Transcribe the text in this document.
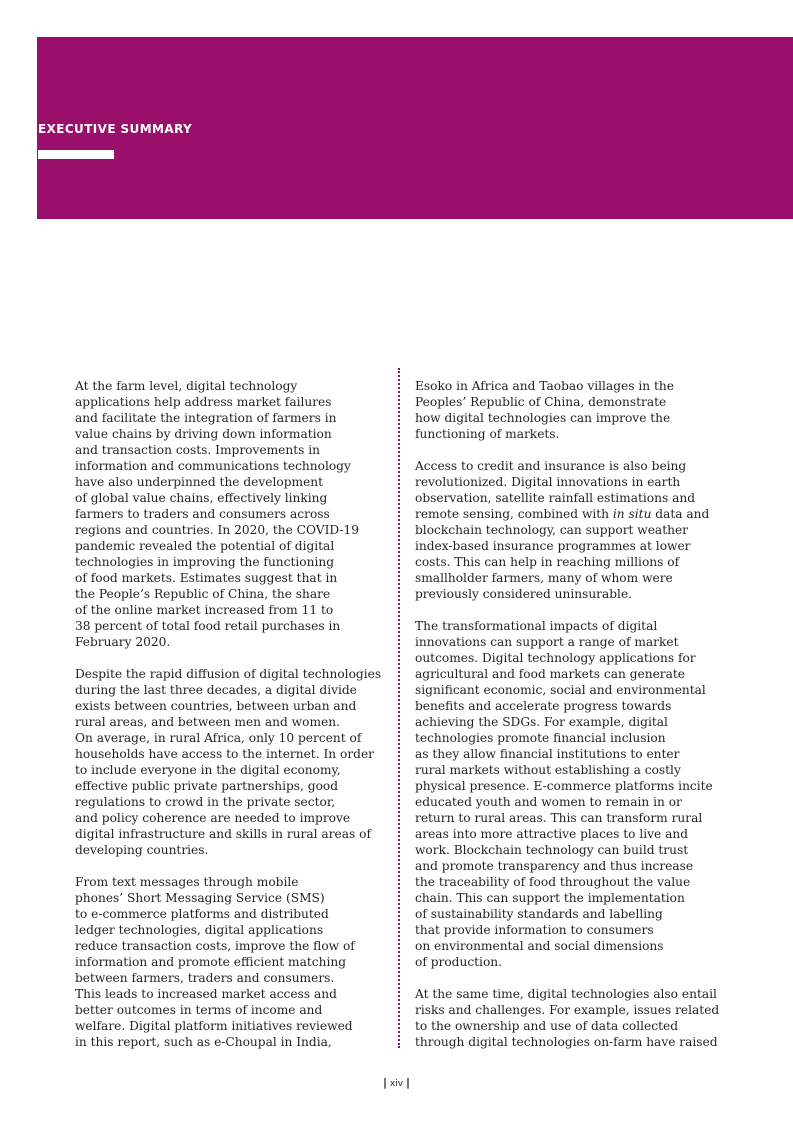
EXECUTIVE SUMMARY
At the farm level, digital technology
applications help address market failures
and facilitate the integration of farmers in
value chains by driving down information
and transaction costs. Improvements in
information and communications technology
have also underpinned the development
of global value chains, effectively linking
farmers to traders and consumers across
regions and countries. In 2020, the COVID-19
pandemic revealed the potential of digital
technologies in improving the functioning
of food markets. Estimates suggest that in
the People’s Republic of China, the share
of the online market increased from 11 to
38 percent of total food retail purchases in
February 2020.
Despite the rapid diffusion of digital technologies
during the last three decades, a digital divide
exists between countries, between urban and
rural areas, and between men and women.
On average, in rural Africa, only 10 percent of
households have access to the internet. In order
to include everyone in the digital economy,
effective public private partnerships, good
regulations to crowd in the private sector,
and policy coherence are needed to improve
digital infrastructure and skills in rural areas of
developing countries.
From text messages through mobile
phones’ Short Messaging Service (SMS)
to e-commerce platforms and distributed
ledger technologies, digital applications
reduce transaction costs, improve the flow of
information and promote efficient matching
between farmers, traders and consumers.
This leads to increased market access and
better outcomes in terms of income and
welfare. Digital platform initiatives reviewed
in this report, such as e-Choupal in India,
Esoko in Africa and Taobao villages in the
Peoples’ Republic of China, demonstrate
how digital technologies can improve the
functioning of markets.
Access to credit and insurance is also being
revolutionized. Digital innovations in earth
observation, satellite rainfall estimations and
remote sensing, combined with in situ data and
blockchain technology, can support weather
index-based insurance programmes at lower
costs. This can help in reaching millions of
smallholder farmers, many of whom were
previously considered uninsurable.
The transformational impacts of digital
innovations can support a range of market
outcomes. Digital technology applications for
agricultural and food markets can generate
significant economic, social and environmental
benefits and accelerate progress towards
achieving the SDGs. For example, digital
technologies promote financial inclusion
as they allow financial institutions to enter
rural markets without establishing a costly
physical presence. E-commerce platforms incite
educated youth and women to remain in or
return to rural areas. This can transform rural
areas into more attractive places to live and
work. Blockchain technology can build trust
and promote transparency and thus increase
the traceability of food throughout the value
chain. This can support the implementation
of sustainability standards and labelling
that provide information to consumers
on environmental and social dimensions
of production.
At the same time, digital technologies also entail
risks and challenges. For example, issues related
to the ownership and use of data collected
through digital technologies on-farm have raised
| xiv |
